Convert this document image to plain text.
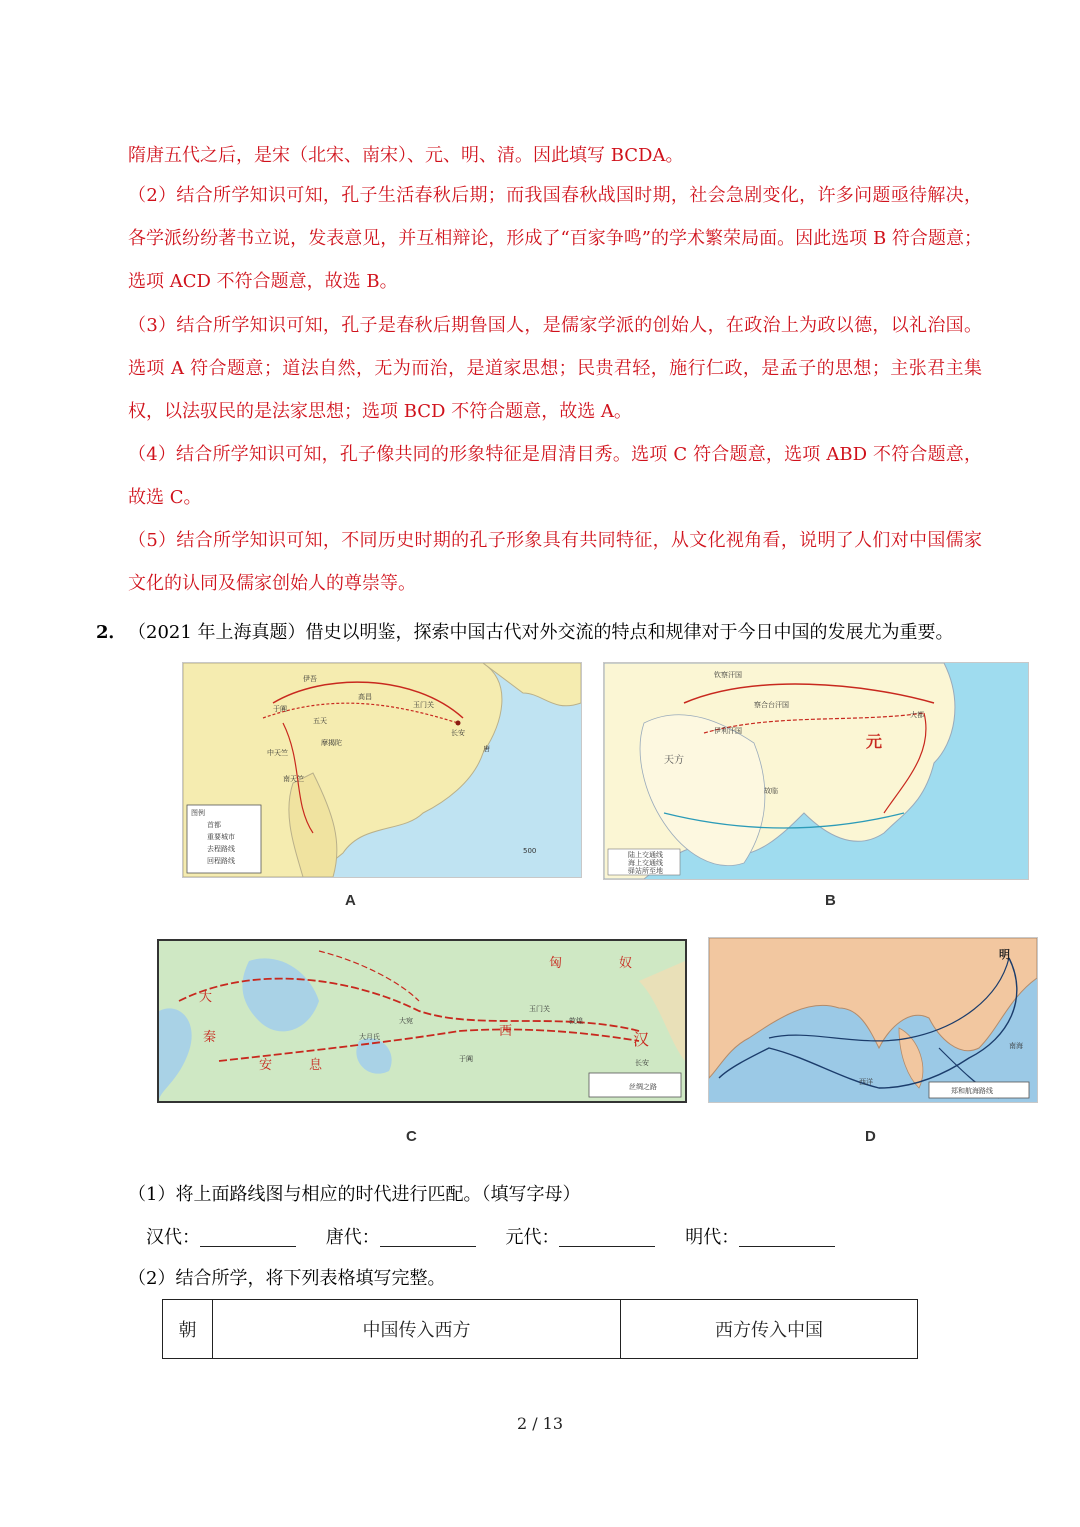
隋唐五代之后，是宋（北宋、南宋）、元、明、清。因此填写 BCDA。
（2）结合所学知识可知，孔子生活春秋后期；而我国春秋战国时期，社会急剧变化，许多问题亟待解决，各学派纷纷著书立说，发表意见，并互相辩论，形成了“百家争鸣”的学术繁荣局面。因此选项 B 符合题意；选项 ACD 不符合题意，故选 B。
（3）结合所学知识可知，孔子是春秋后期鲁国人，是儒家学派的创始人，在政治上为政以德，以礼治国。选项 A 符合题意；道法自然，无为而治，是道家思想；民贵君轻，施行仁政，是孟子的思想；主张君主集权，以法驭民的是法家思想；选项 BCD 不符合题意，故选 A。
（4）结合所学知识可知，孔子像共同的形象特征是眉清目秀。选项 C 符合题意，选项 ABD 不符合题意，故选 C。
（5）结合所学知识可知，不同历史时期的孔子形象具有共同特征，从文化视角看，说明了人们对中国儒家文化的认同及儒家创始人的尊崇等。
2． （2021 年上海真题）借史以明鉴，探索中国古代对外交流的特点和规律对于今日中国的发展尤为重要。
伊吾
高昌
于阗
五天
玉门关
长安
唐
中天竺
南天竺
摩揭陀
图例
首都
重要城市
去程路线
回程路线
500
A
钦察汗国
察合台汗国
伊利汗国
元
大都
天方
故临
陆上交通线
海上交通线
驿站所至地
B
匈	奴
大
秦
安	息
西	汉
大宛
大月氏
玉门关
敦煌
于阗	长安
丝绸之路
C
明
南海
西洋
郑和航海路线
D
（1）将上面路线图与相应的时代进行匹配。（填写字母）
汉代：	唐代：	元代：	明代：
（2）结合所学，将下列表格填写完整。
朝	中国传入西方	西方传入中国
2 / 13
